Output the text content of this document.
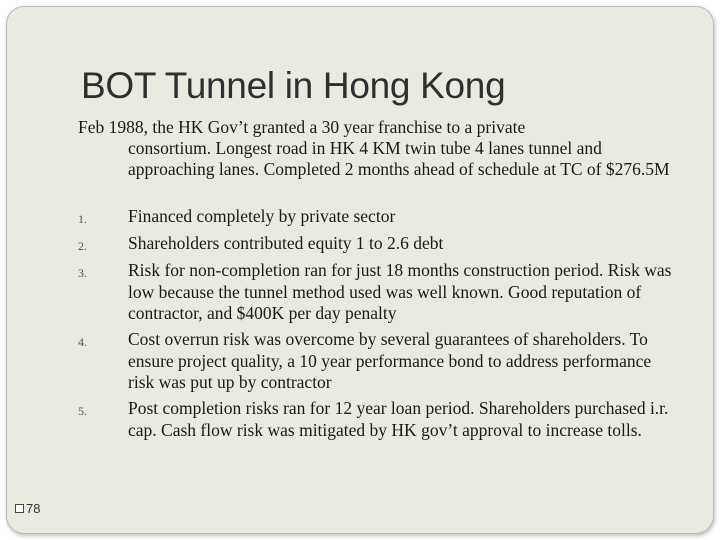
BOT Tunnel in Hong Kong
Feb 1988, the HK Gov’t granted a 30 year franchise to a private
consortium. Longest road in HK 4 KM twin tube 4 lanes tunnel and approaching lanes. Completed 2 months ahead of schedule at TC of $276.5M
1. Financed completely by private sector
2. Shareholders contributed equity 1 to 2.6 debt
3. Risk for non-completion ran for just 18 months construction period. Risk was low because the tunnel method used was well known. Good reputation of contractor, and $400K per day penalty
4. Cost overrun risk was overcome by several guarantees of shareholders. To ensure project quality, a 10 year performance bond to address performance risk was put up by contractor
5. Post completion risks ran for 12 year loan period. Shareholders purchased i.r. cap. Cash flow risk was mitigated by HK gov’t approval to increase tolls.
78
